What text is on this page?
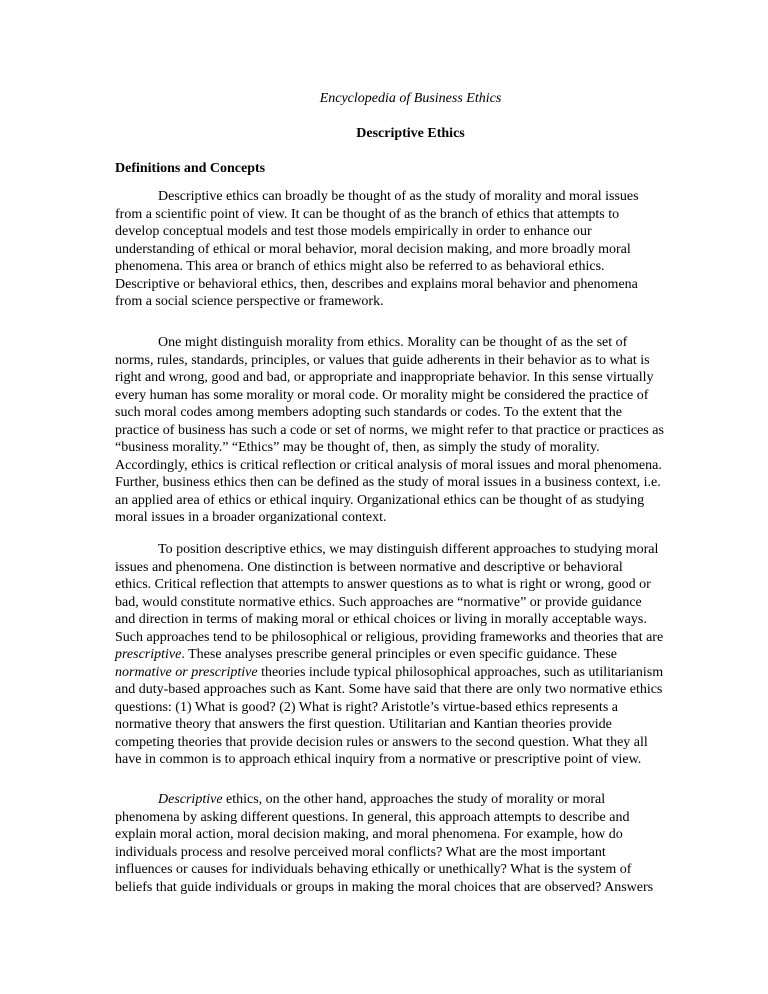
Encyclopedia of Business Ethics
Descriptive Ethics
Definitions and Concepts
Descriptive ethics can broadly be thought of as the study of morality and moral issues
from a scientific point of view. It can be thought of as the branch of ethics that attempts to
develop conceptual models and test those models empirically in order to enhance our
understanding of ethical or moral behavior, moral decision making, and more broadly moral
phenomena. This area or branch of ethics might also be referred to as behavioral ethics.
Descriptive or behavioral ethics, then, describes and explains moral behavior and phenomena
from a social science perspective or framework.
One might distinguish morality from ethics. Morality can be thought of as the set of
norms, rules, standards, principles, or values that guide adherents in their behavior as to what is
right and wrong, good and bad, or appropriate and inappropriate behavior. In this sense virtually
every human has some morality or moral code. Or morality might be considered the practice of
such moral codes among members adopting such standards or codes. To the extent that the
practice of business has such a code or set of norms, we might refer to that practice or practices as
“business morality.” “Ethics” may be thought of, then, as simply the study of morality.
Accordingly, ethics is critical reflection or critical analysis of moral issues and moral phenomena.
Further, business ethics then can be defined as the study of moral issues in a business context, i.e.
an applied area of ethics or ethical inquiry. Organizational ethics can be thought of as studying
moral issues in a broader organizational context.
To position descriptive ethics, we may distinguish different approaches to studying moral
issues and phenomena. One distinction is between normative and descriptive or behavioral
ethics. Critical reflection that attempts to answer questions as to what is right or wrong, good or
bad, would constitute normative ethics. Such approaches are “normative” or provide guidance
and direction in terms of making moral or ethical choices or living in morally acceptable ways.
Such approaches tend to be philosophical or religious, providing frameworks and theories that are
prescriptive. These analyses prescribe general principles or even specific guidance. These
normative or prescriptive theories include typical philosophical approaches, such as utilitarianism
and duty-based approaches such as Kant. Some have said that there are only two normative ethics
questions: (1) What is good? (2) What is right? Aristotle’s virtue-based ethics represents a
normative theory that answers the first question. Utilitarian and Kantian theories provide
competing theories that provide decision rules or answers to the second question. What they all
have in common is to approach ethical inquiry from a normative or prescriptive point of view.
Descriptive ethics, on the other hand, approaches the study of morality or moral
phenomena by asking different questions. In general, this approach attempts to describe and
explain moral action, moral decision making, and moral phenomena. For example, how do
individuals process and resolve perceived moral conflicts? What are the most important
influences or causes for individuals behaving ethically or unethically? What is the system of
beliefs that guide individuals or groups in making the moral choices that are observed? Answers
